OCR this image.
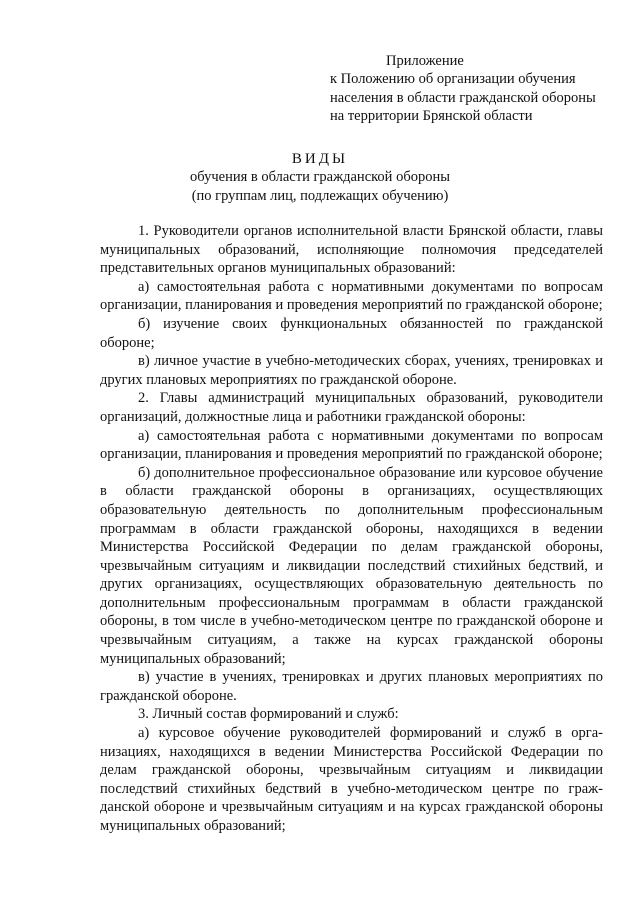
Приложение
к Положению об организации обучения
населения в области гражданской обороны
на территории Брянской области
ВИДЫ
обучения в области гражданской обороны
(по группам лиц, подлежащих обучению)

1. Руководители органов исполнительной власти Брянской области, главы муниципальных образований, исполняющие полномочия председателей представительных органов муниципальных образований:

а) самостоятельная работа с нормативными документами по вопросам организации, планирования и проведения мероприятий по гражданской обороне;

б) изучение своих функциональных обязанностей по гражданской обороне;

в) личное участие в учебно-методических сборах, учениях, тренировках и других плановых мероприятиях по гражданской обороне.

2. Главы администраций муниципальных образований, руководители организаций, должностные лица и работники гражданской обороны:

а) самостоятельная работа с нормативными документами по вопросам организации, планирования и проведения мероприятий по гражданской обороне;

б) дополнительное профессиональное образование или курсовое обучение в области гражданской обороны в организациях, осуществляющих образовательную деятельность по дополнительным профессиональным программам в области гражданской обороны, находящихся в ведении Министерства Российской Федерации по делам гражданской обороны, чрезвычайным ситуациям и ликвидации последствий стихийных бедствий, и других организациях, осуществляющих образовательную деятельность по дополнительным профессиональным программам в области гражданской обороны, в том числе в учебно-методическом центре по гражданской обороне и чрезвычайным ситуациям, а также на курсах гражданской обороны муниципальных образований;

в) участие в учениях, тренировках и других плановых мероприятиях по гражданской обороне.

3. Личный состав формирований и служб:

а) курсовое обучение руководителей формирований и служб в организациях, находящихся в ведении Министерства Российской Федерации по делам гражданской обороны, чрезвычайным ситуациям и ликвидации последствий стихийных бедствий в учебно-методическом центре по гражданской обороне и чрезвычайным ситуациям и на курсах гражданской обороны муниципальных образований;
